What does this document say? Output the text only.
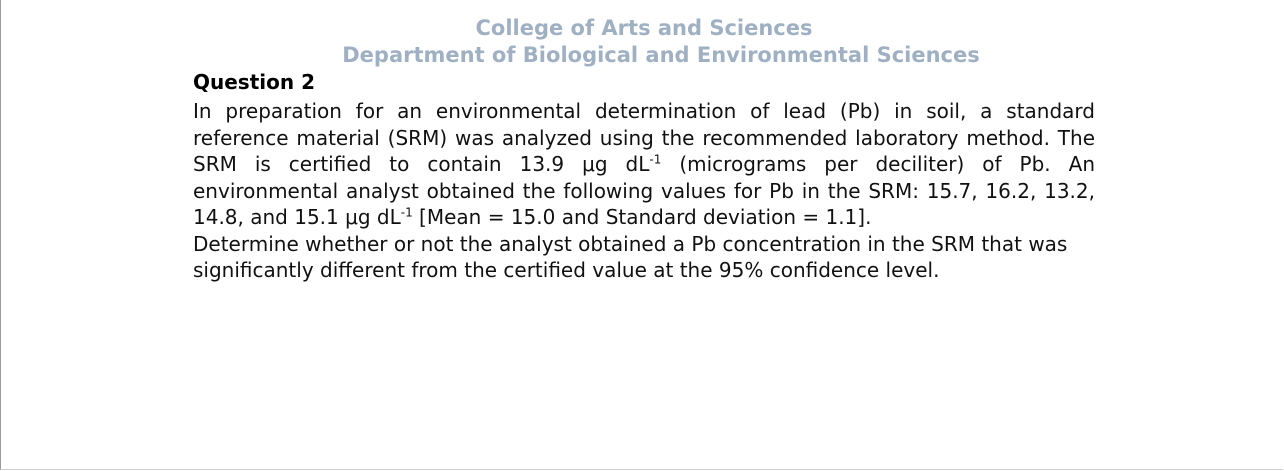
College of Arts and Sciences
Department of Biological and Environmental Sciences
Question 2

In preparation for an environmental determination of lead (Pb) in soil, a standard reference material (SRM) was analyzed using the recommended laboratory method. The SRM is certified to contain 13.9 μg $dL^{-1}$ (micrograms per deciliter) of Pb. An environmental analyst obtained the following values for Pb in the SRM: 15.7, 16.2, 13.2, 14.8, and 15.1 μg $dL^{-1}$ [Mean = 15.0 and Standard deviation = 1.1].

Determine whether or not the analyst obtained a Pb concentration in the SRM that was significantly different from the certified value at the 95% confidence level.
